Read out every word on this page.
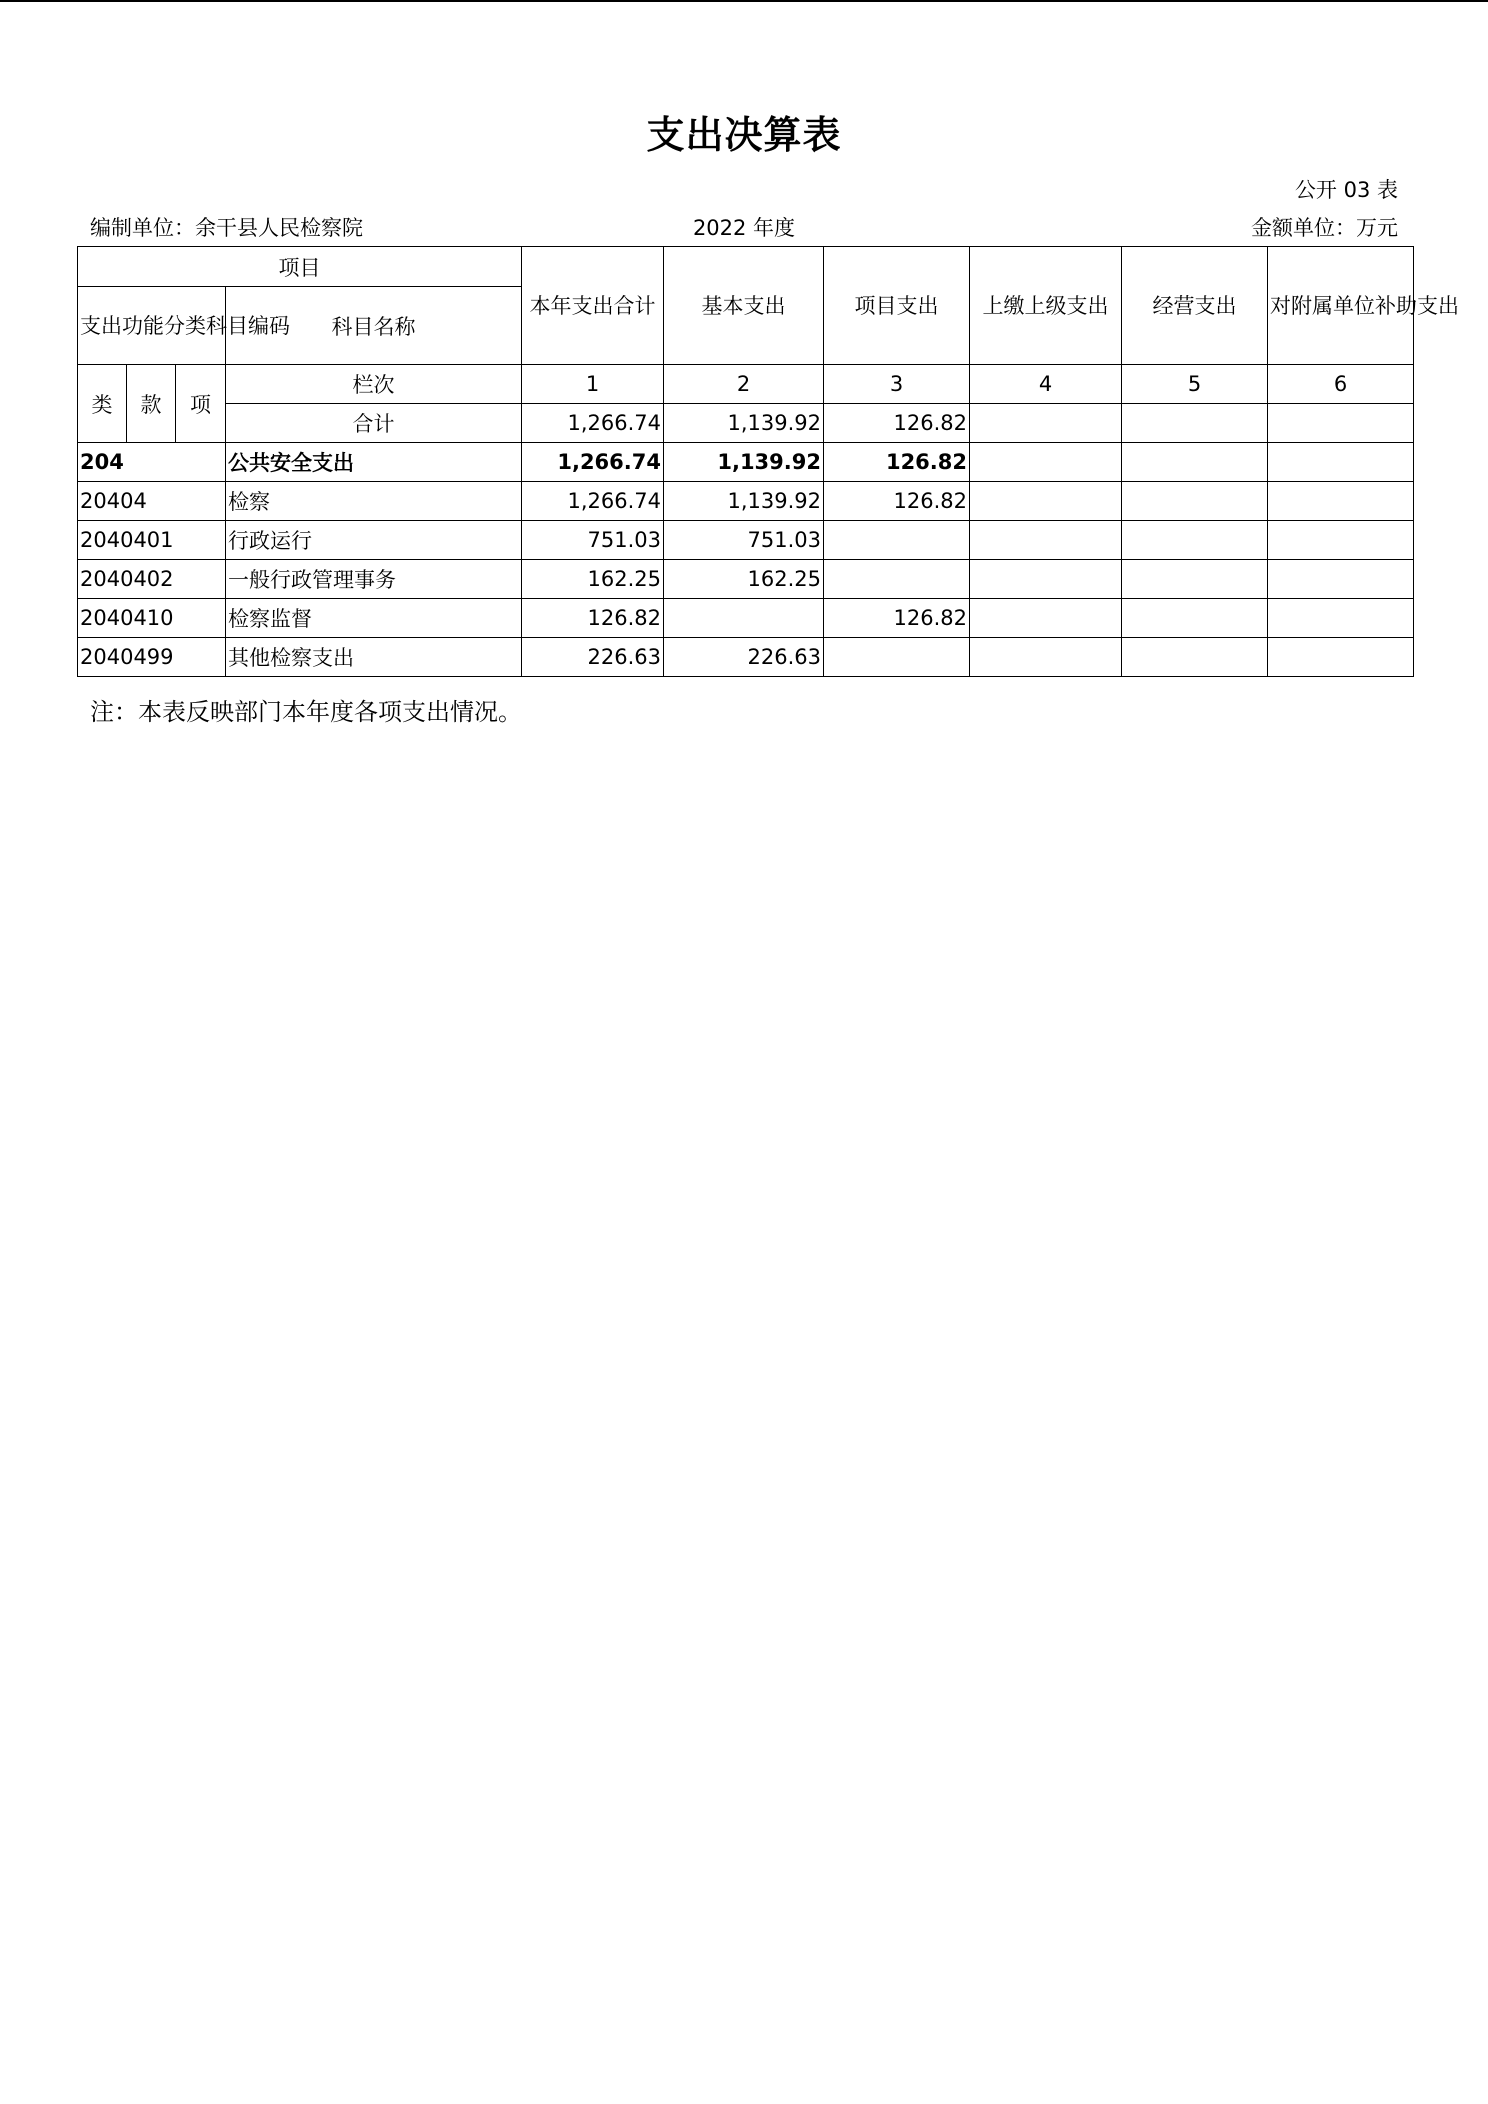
支出决算表
公开 03 表
编制单位：余干县人民检察院	2022 年度	金额单位：万元
项目				本年支出合计	基本支出	项目支出	上缴上级支出	经营支出	对附属单位补助支出
支出功能分类科目编码			科目名称						
类	款	项	栏次	1	2	3	4	5	6
			合计	1,266.74	1,139.92	126.82			
204			公共安全支出	1,266.74	1,139.92	126.82			
20404			检察	1,266.74	1,139.92	126.82			
2040401			行政运行	751.03	751.03				
2040402			一般行政管理事务	162.25	162.25				
2040410			检察监督	126.82		126.82			
2040499			其他检察支出	226.63	226.63				
注：本表反映部门本年度各项支出情况。
